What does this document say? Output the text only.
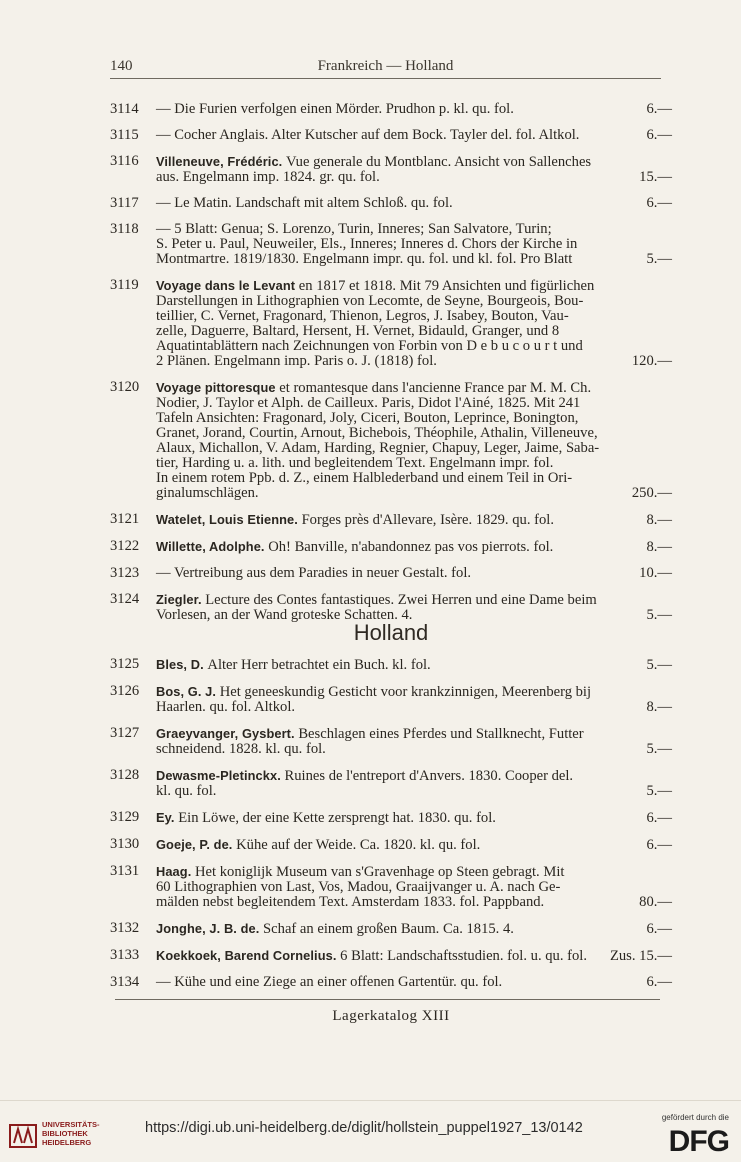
140	Frankreich — Holland
3114	— Die Furien verfolgen einen Mörder. Prudhon p. kl. qu. fol.	6.—
3115	— Cocher Anglais. Alter Kutscher auf dem Bock. Tayler del. fol. Altkol.	6.—
3116	Villeneuve, Frédéric. Vue generale du Montblanc. Ansicht von Sallenches
aus. Engelmann imp. 1824. gr. qu. fol.	15.—
3117	— Le Matin. Landschaft mit altem Schloß. qu. fol.	6.—
3118	— 5 Blatt: Genua; S. Lorenzo, Turin, Inneres; San Salvatore, Turin;
S. Peter u. Paul, Neuweiler, Els., Inneres; Inneres d. Chors der Kirche in
Montmartre. 1819/1830. Engelmann impr. qu. fol. und kl. fol. Pro Blatt	5.—
3119	Voyage dans le Levant en 1817 et 1818. Mit 79 Ansichten und figürlichen
Darstellungen in Lithographien von Lecomte, de Seyne, Bourgeois, Bou-
teillier, C. Vernet, Fragonard, Thienon, Legros, J. Isabey, Bouton, Vau-
zelle, Daguerre, Baltard, Hersent, H. Vernet, Bidauld, Granger, und 8
Aquatintablättern nach Zeichnungen von Forbin von D e b u c o u r t und
2 Plänen. Engelmann imp. Paris o. J. (1818) fol.	120.—
3120	Voyage pittoresque et romantesque dans l'ancienne France par M. M. Ch.
Nodier, J. Taylor et Alph. de Cailleux. Paris, Didot l'Ainé, 1825. Mit 241
Tafeln Ansichten: Fragonard, Joly, Ciceri, Bouton, Leprince, Bonington,
Granet, Jorand, Courtin, Arnout, Bichebois, Théophile, Athalin, Villeneuve,
Alaux, Michallon, V. Adam, Harding, Regnier, Chapuy, Leger, Jaime, Saba-
tier, Harding u. a. lith. und begleitendem Text. Engelmann impr. fol.
In einem rotem Ppb. d. Z., einem Halblederband und einem Teil in Ori-
ginalumschlägen.	250.—
3121	Watelet, Louis Etienne. Forges près d'Allevare, Isère. 1829. qu. fol.	8.—
3122	Willette, Adolphe. Oh! Banville, n'abandonnez pas vos pierrots. fol.	8.—
3123	— Vertreibung aus dem Paradies in neuer Gestalt. fol.	10.—
3124	Ziegler. Lecture des Contes fantastiques. Zwei Herren und eine Dame beim
Vorlesen, an der Wand groteske Schatten. 4.	5.—
Holland
3125	Bles, D. Alter Herr betrachtet ein Buch. kl. fol.	5.—
3126	Bos, G. J. Het geneeskundig Gesticht voor krankzinnigen, Meerenberg bij
Haarlen. qu. fol. Altkol.	8.—
3127	Graeyvanger, Gysbert. Beschlagen eines Pferdes und Stallknecht, Futter
schneidend. 1828. kl. qu. fol.	5.—
3128	Dewasme-Pletinckx. Ruines de l'entreport d'Anvers. 1830. Cooper del.
kl. qu. fol.	5.—
3129	Ey. Ein Löwe, der eine Kette zersprengt hat. 1830. qu. fol.	6.—
3130	Goeje, P. de. Kühe auf der Weide. Ca. 1820. kl. qu. fol.	6.—
3131	Haag. Het koniglijk Museum van s'Gravenhage op Steen gebragt. Mit
60 Lithographien von Last, Vos, Madou, Graaijvanger u. A. nach Ge-
mälden nebst begleitendem Text. Amsterdam 1833. fol. Pappband.	80.—
3132	Jonghe, J. B. de. Schaf an einem großen Baum. Ca. 1815. 4.	6.—
3133	Koekkoek, Barend Cornelius. 6 Blatt: Landschaftsstudien. fol. u. qu. fol.	Zus. 15.—
3134	— Kühe und eine Ziege an einer offenen Gartentür. qu. fol.	6.—
Lagerkatalog XIII
UNIVERSITÄTS-
BIBLIOTHEK
HEIDELBERG
https://digi.ub.uni-heidelberg.de/diglit/hollstein_puppel1927_13/0142
gefördert durch die
DFG
